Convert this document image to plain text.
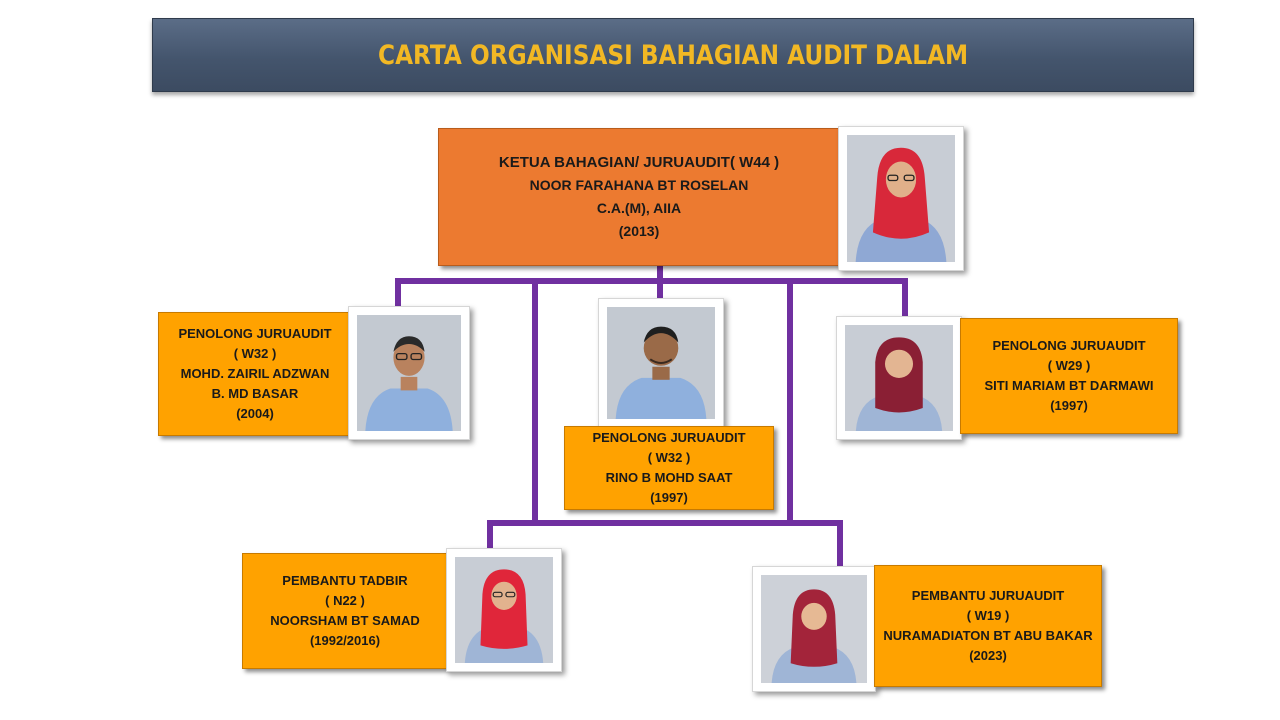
CARTA ORGANISASI BAHAGIAN AUDIT DALAM
KETUA BAHAGIAN/ JURUAUDIT( W44 )
NOOR FARAHANA BT ROSELAN
C.A.(M), AIIA
(2013)
PENOLONG JURUAUDIT
( W32 )
MOHD. ZAIRIL ADZWAN
B. MD BASAR
(2004)
PENOLONG JURUAUDIT
( W32 )
RINO B MOHD SAAT
(1997)
PENOLONG JURUAUDIT
( W29 )
SITI MARIAM BT DARMAWI
(1997)
PEMBANTU TADBIR
( N22 )
NOORSHAM BT SAMAD
(1992/2016)
PEMBANTU JURUAUDIT
( W19 )
NURAMADIATON BT ABU BAKAR
(2023)
